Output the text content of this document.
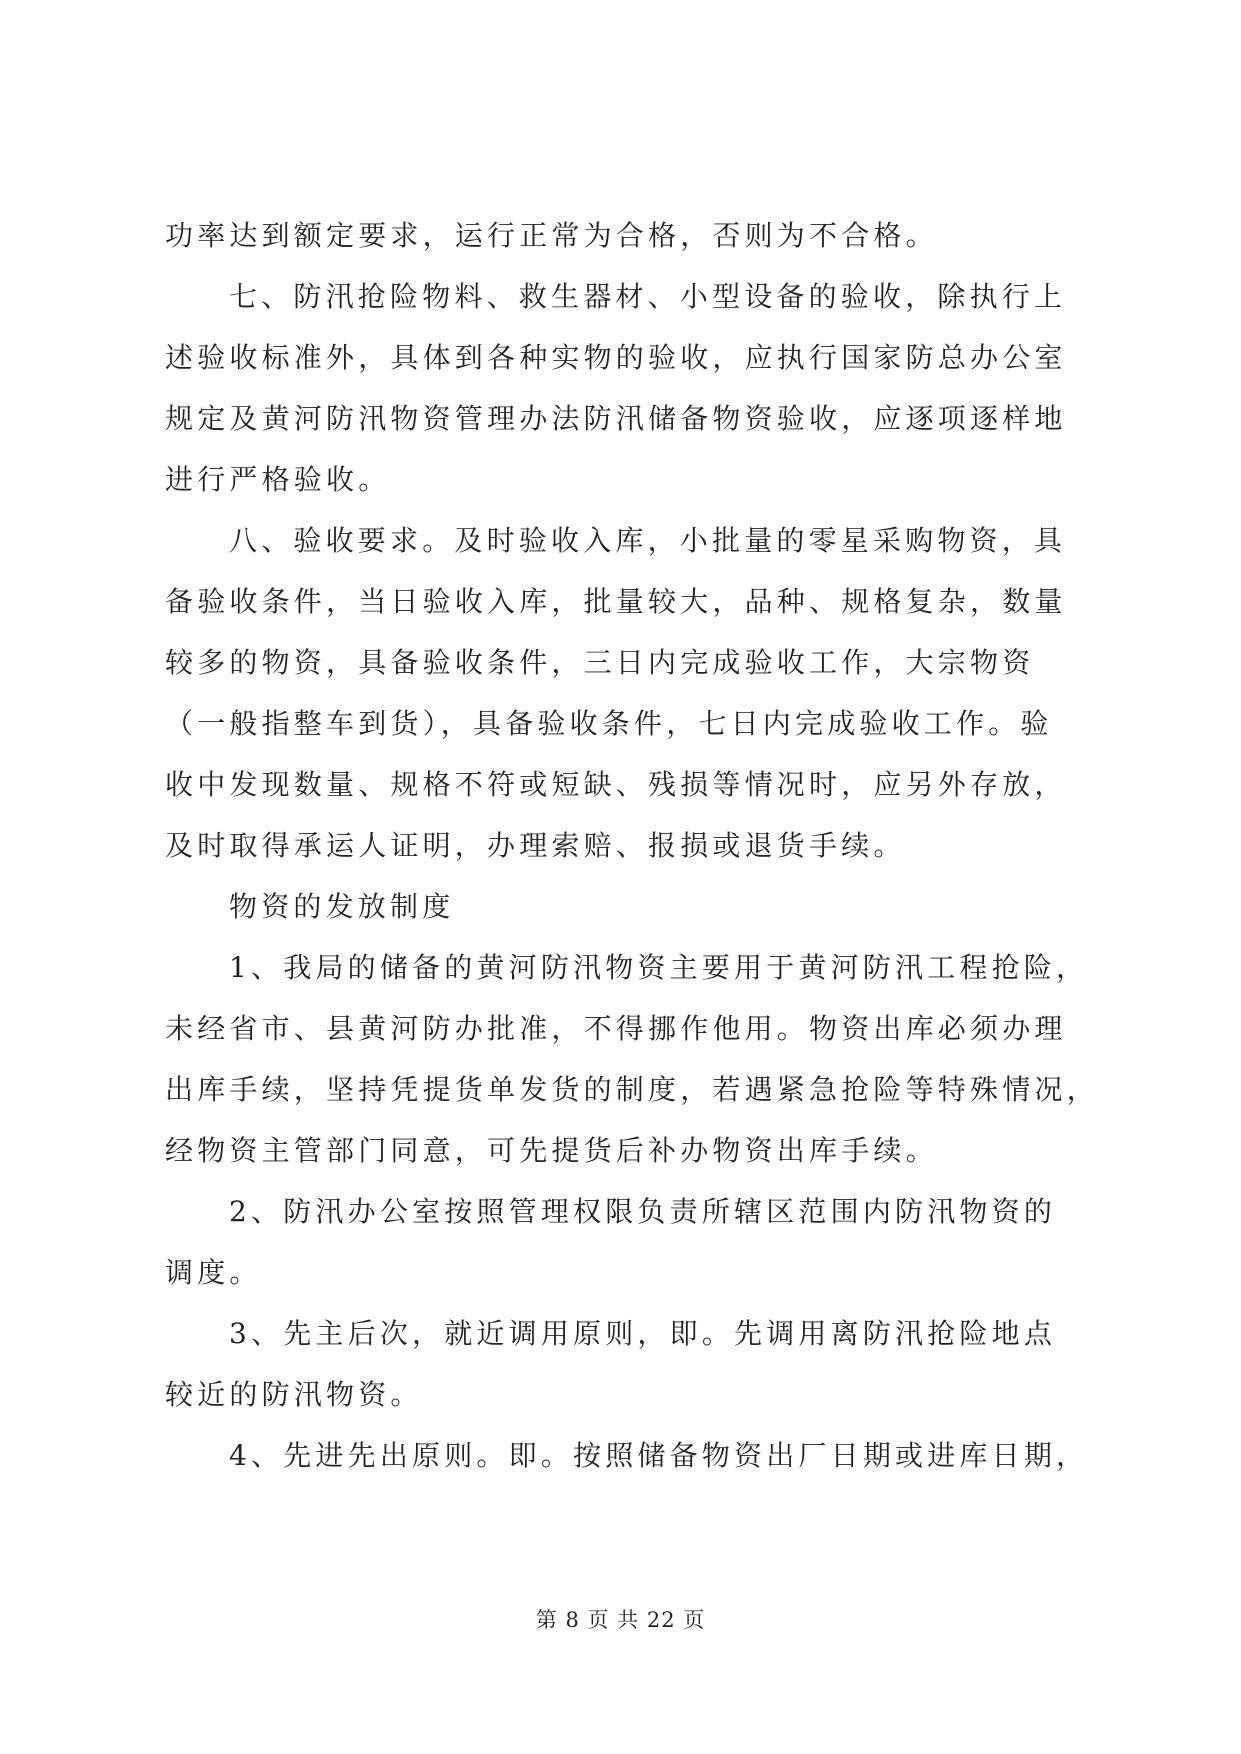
功率达到额定要求，运行正常为合格，否则为不合格。
七、防汛抢险物料、救生器材、小型设备的验收，除执行上
述验收标准外，具体到各种实物的验收，应执行国家防总办公室
规定及黄河防汛物资管理办法防汛储备物资验收，应逐项逐样地
进行严格验收。
八、验收要求。及时验收入库，小批量的零星采购物资，具
备验收条件，当日验收入库，批量较大，品种、规格复杂，数量
较多的物资，具备验收条件，三日内完成验收工作，大宗物资
（一般指整车到货），具备验收条件，七日内完成验收工作。验
收中发现数量、规格不符或短缺、残损等情况时，应另外存放，
及时取得承运人证明，办理索赔、报损或退货手续。
物资的发放制度
1、我局的储备的黄河防汛物资主要用于黄河防汛工程抢险，
未经省市、县黄河防办批准，不得挪作他用。物资出库必须办理
出库手续，坚持凭提货单发货的制度，若遇紧急抢险等特殊情况，
经物资主管部门同意，可先提货后补办物资出库手续。
2、防汛办公室按照管理权限负责所辖区范围内防汛物资的
调度。
3、先主后次，就近调用原则，即。先调用离防汛抢险地点
较近的防汛物资。
4、先进先出原则。即。按照储备物资出厂日期或进库日期，
第 8 页 共 22 页
